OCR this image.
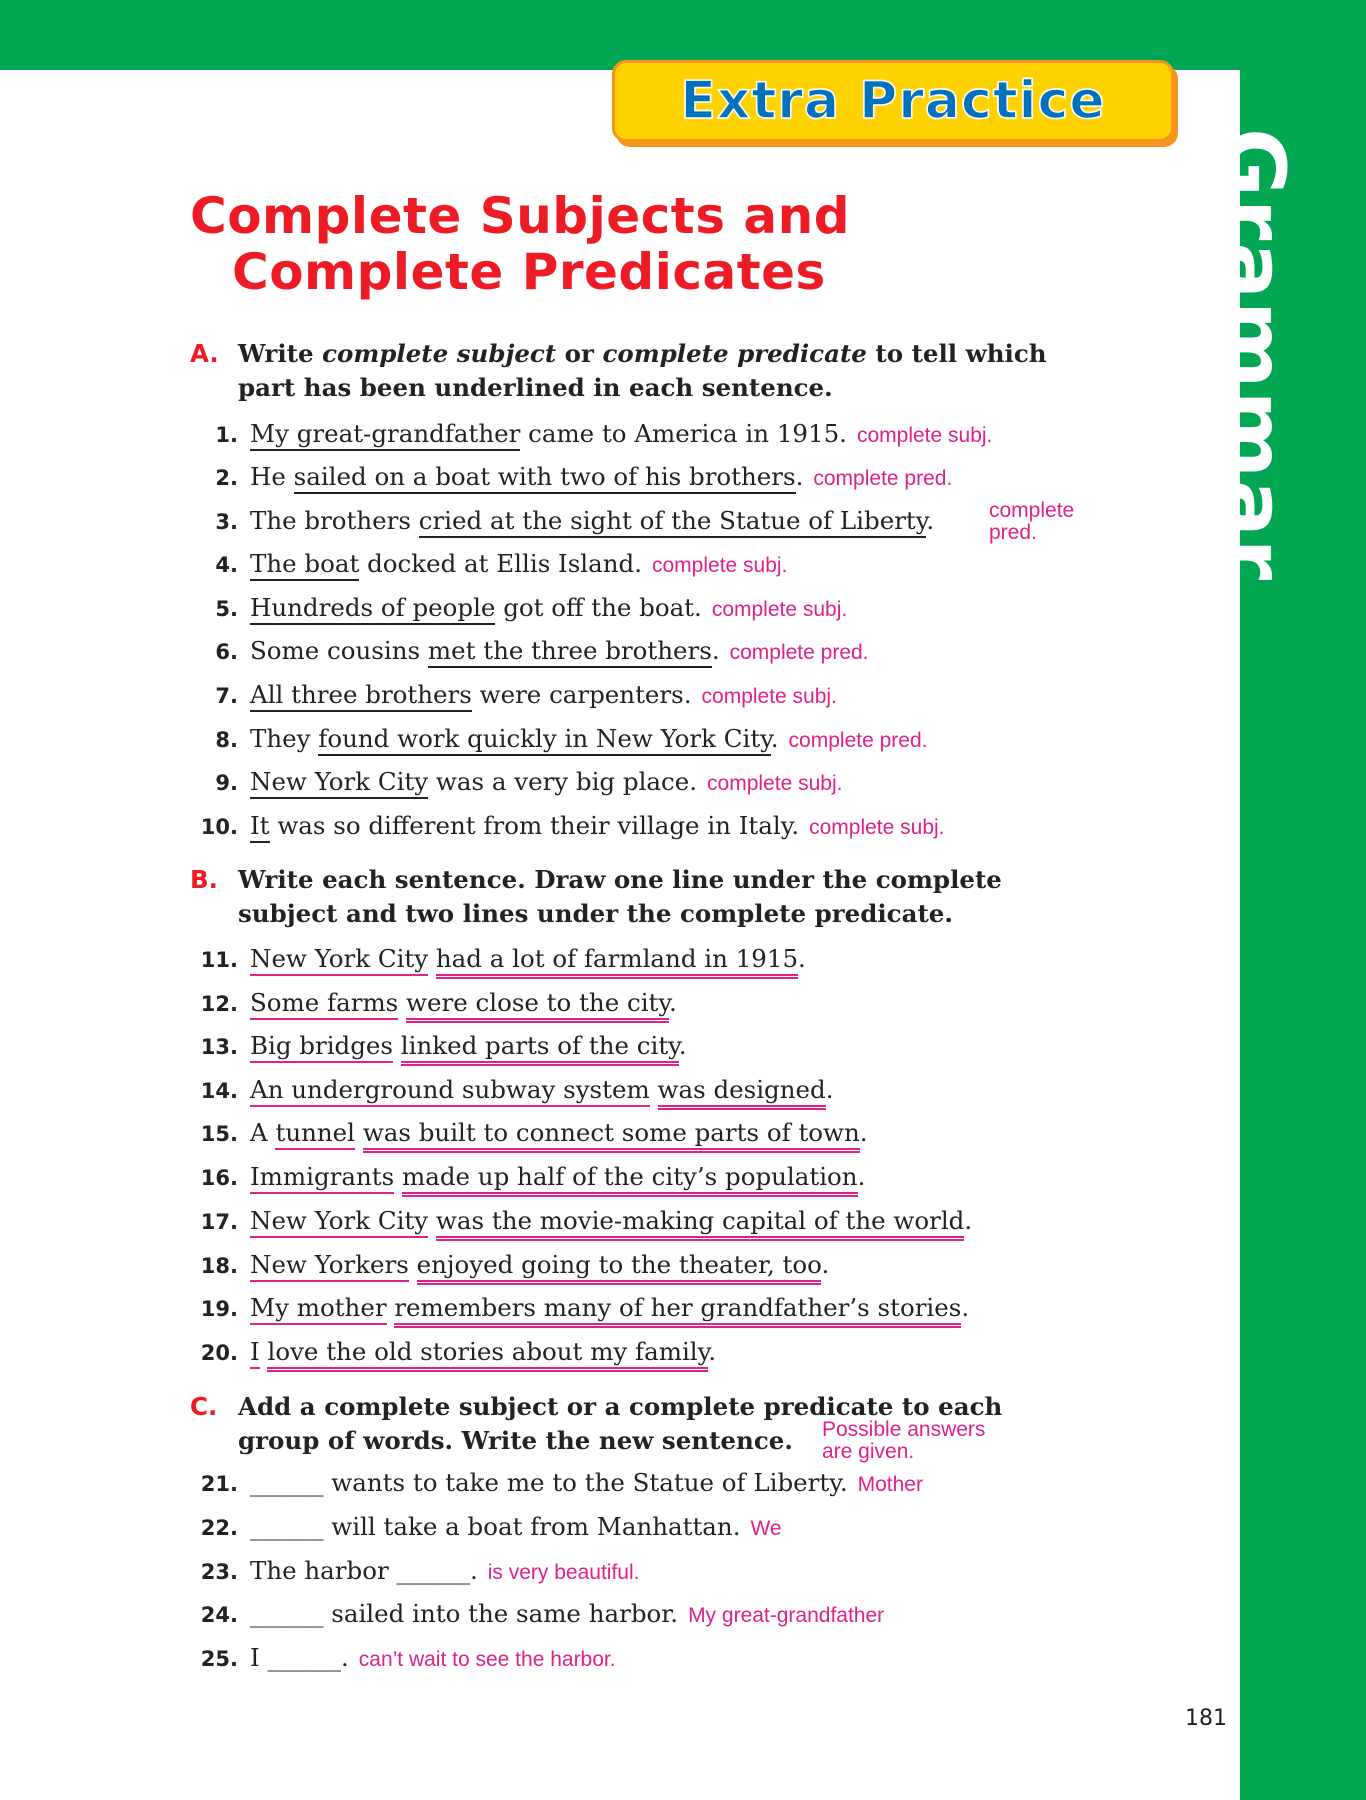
Extra Practice
Grammar
Complete Subjects and
Complete Predicates
A. Write complete subject or complete predicate to tell which part has been underlined in each sentence.
1. My great-grandfather came to America in 1915. complete subj.
2. He sailed on a boat with two of his brothers. complete pred.
3. The brothers cried at the sight of the Statue of Liberty.	complete
pred.
4. The boat docked at Ellis Island. complete subj.
5. Hundreds of people got off the boat. complete subj.
6. Some cousins met the three brothers. complete pred.
7. All three brothers were carpenters. complete subj.
8. They found work quickly in New York City. complete pred.
9. New York City was a very big place. complete subj.
10. It was so different from their village in Italy. complete subj.
B. Write each sentence. Draw one line under the complete subject and two lines under the complete predicate.
11. New York City had a lot of farmland in 1915.
12. Some farms were close to the city.
13. Big bridges linked parts of the city.
14. An underground subway system was designed.
15. A tunnel was built to connect some parts of town.
16. Immigrants made up half of the city’s population.
17. New York City was the movie-making capital of the world.
18. New Yorkers enjoyed going to the theater, too.
19. My mother remembers many of her grandfather’s stories.
20. I love the old stories about my family.
C. Add a complete subject or a complete predicate to each group of words. Write the new sentence.	Possible answers
are given.
21. ______ wants to take me to the Statue of Liberty. Mother
22. ______ will take a boat from Manhattan. We
23. The harbor ______. is very beautiful.
24. ______ sailed into the same harbor. My great-grandfather
25. I ______. can’t wait to see the harbor.
181
